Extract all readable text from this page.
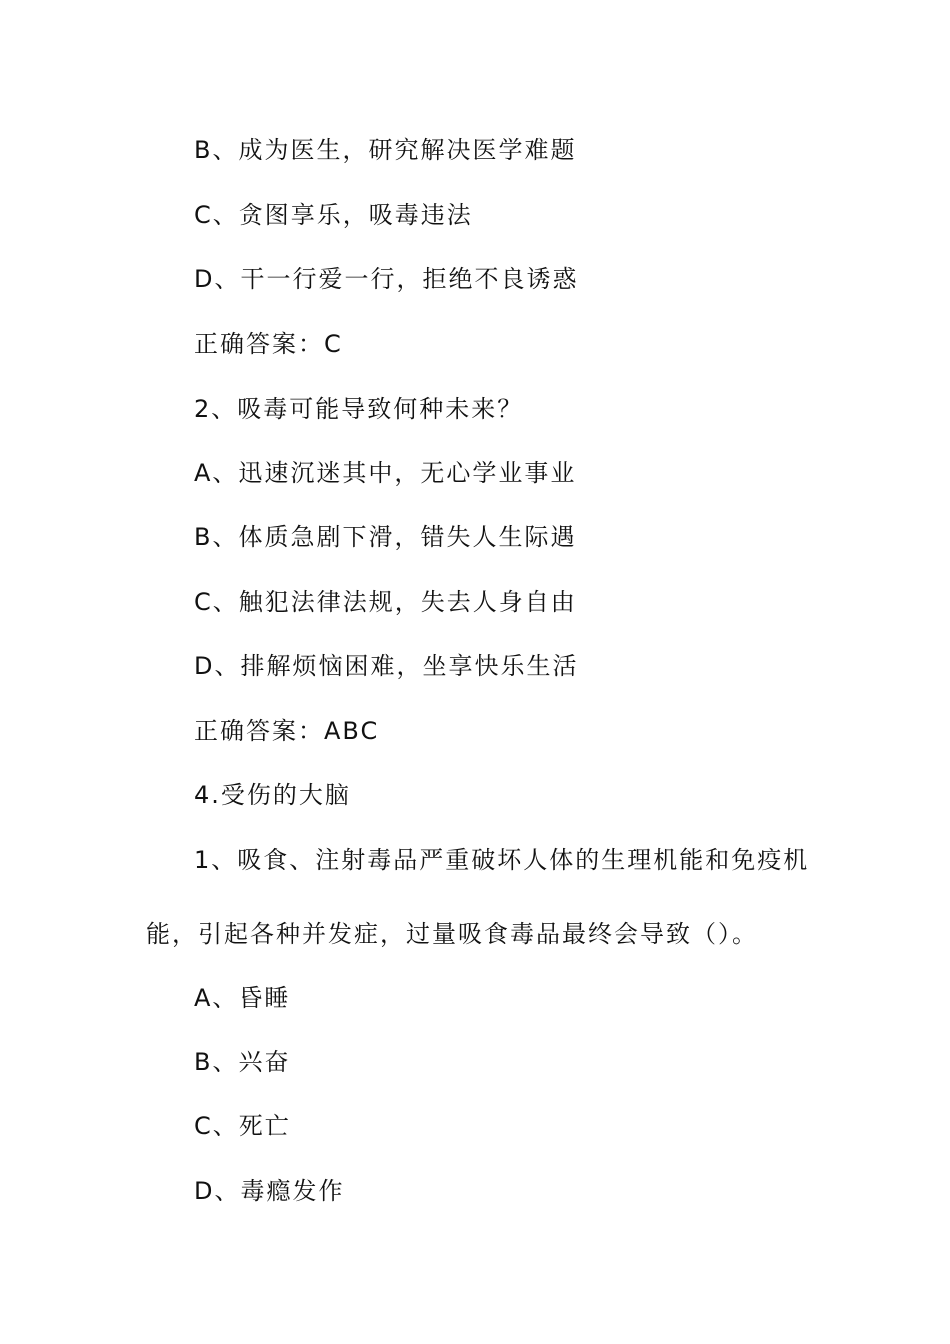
B、成为医生，研究解决医学难题
C、贪图享乐，吸毒违法
D、干一行爱一行，拒绝不良诱惑
正确答案：C
2、吸毒可能导致何种未来？
A、迅速沉迷其中，无心学业事业
B、体质急剧下滑，错失人生际遇
C、触犯法律法规，失去人身自由
D、排解烦恼困难，坐享快乐生活
正确答案：ABC
4.受伤的大脑
1、吸食、注射毒品严重破坏人体的生理机能和免疫机
能，引起各种并发症，过量吸食毒品最终会导致（）。
A、昏睡
B、兴奋
C、死亡
D、毒瘾发作
